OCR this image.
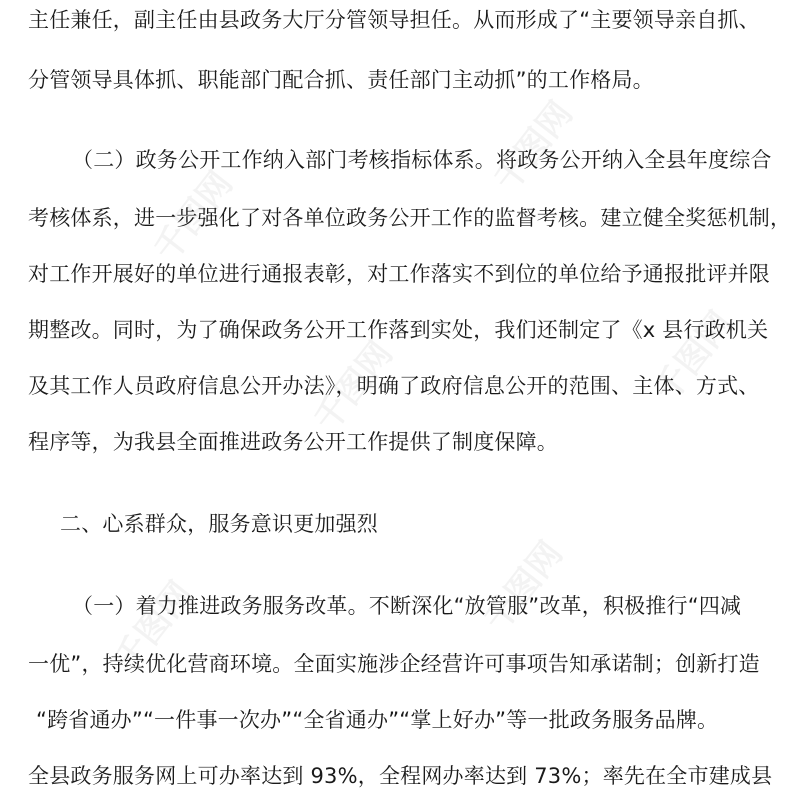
千图网
千图网
千图网
千图网	千图网
千图网
主任兼任，副主任由县政务大厅分管领导担任。从而形成了“主要领导亲自抓、
分管领导具体抓、职能部门配合抓、责任部门主动抓”的工作格局。
（二）政务公开工作纳入部门考核指标体系。将政务公开纳入全县年度综合
考核体系，进一步强化了对各单位政务公开工作的监督考核。建立健全奖惩机制，
对工作开展好的单位进行通报表彰，对工作落实不到位的单位给予通报批评并限
期整改。同时，为了确保政务公开工作落到实处，我们还制定了《x 县行政机关
及其工作人员政府信息公开办法》，明确了政府信息公开的范围、主体、方式、
程序等，为我县全面推进政务公开工作提供了制度保障。
二、心系群众，服务意识更加强烈
（一）着力推进政务服务改革。不断深化“放管服”改革，积极推行“四减
一优”，持续优化营商环境。全面实施涉企经营许可事项告知承诺制；创新打造
“跨省通办”“一件事一次办”“全省通办”“掌上好办”等一批政务服务品牌。
全县政务服务网上可办率达到 93%，全程网办率达到 73%；率先在全市建成县
